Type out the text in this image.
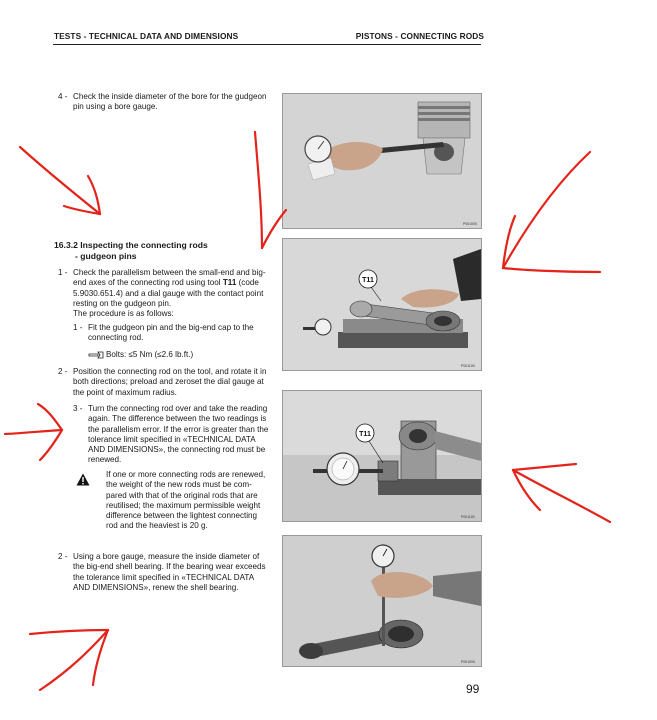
TESTS - TECHNICAL DATA AND DIMENSIONS	PISTONS - CONNECTING RODS
4 - Check the inside diameter of the bore for the gudgeon
pin using a bore gauge.
16.3.2 Inspecting the connecting rods
- gudgeon pins
1 - Check the parallelism between the small-end and big-
end axes of the connecting rod using tool T11 (code
5.9030.651.4) and a dial gauge with the contact point
resting on the gudgeon pin.
The procedure is as follows:
1 - Fit the gudgeon pin and the big-end cap to the
connecting rod.
Bolts: ≤5 Nm (≤2.6 lb.ft.)
2 - Position the connecting rod on the tool, and rotate it in
both directions; preload and zeroset the dial gauge at
the point of maximum radius.
3 - Turn the connecting rod over and take the reading
again. The difference between the two readings is
the parallelism error. If the error is greater than the
tolerance limit specified in «TECHNICAL DATA
AND DIMENSIONS», the connecting rod must be
renewed.
If one or more connecting rods are renewed,
the weight of the new rods must be com-
pared with that of the original rods that are
reutilised; the maximum permissible weight
difference between the lightest connecting
rod and the heaviest is 20 g.
2 - Using a bore gauge, measure the inside diameter of
the big-end shell bearing. If the bearing wear exceeds
the tolerance limit specified in «TECHNICAL DATA
AND DIMENSIONS», renew the shell bearing.
P001000
T11
P001100
T11
P001100
P001000
99
